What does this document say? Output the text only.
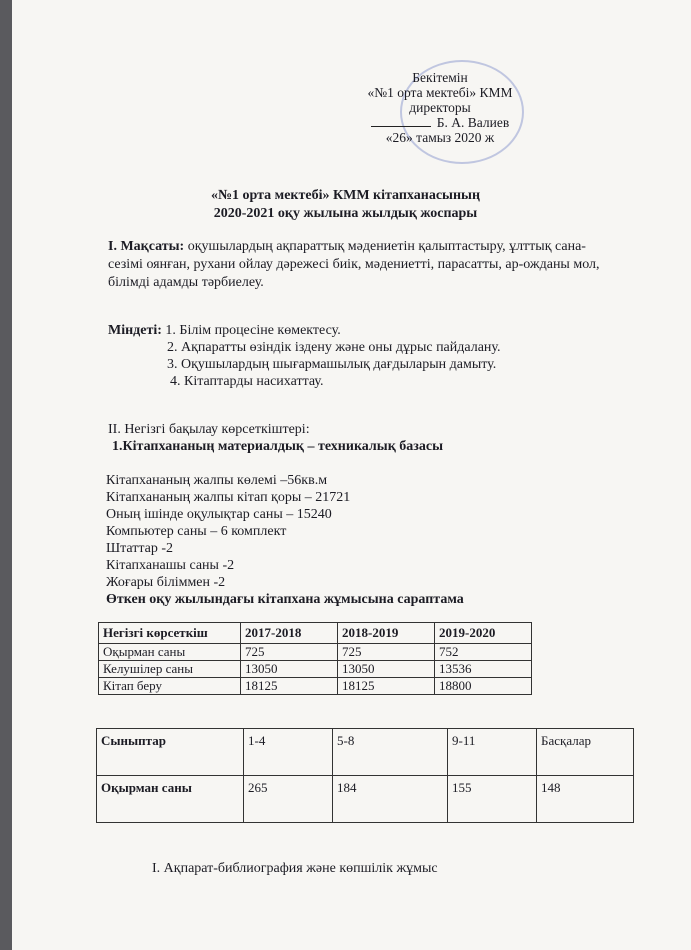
Бекітемін
«№1 орта мектебі» КММ
директоры
Б. А. Валиев
«26» тамыз 2020 ж
«№1 орта мектебі» КММ кітапханасының
2020-2021 оқу жылына жылдық жоспары
І. Мақсаты: оқушылардың ақпараттық мәдениетін қалыптастыру, ұлттық сана-
сезімі оянған, рухани ойлау дәрежесі биік, мәдениетті, парасатты, ар-ожданы мол,
білімді адамды тәрбиелеу.
Міндеті: 1. Білім процесіне көмектесу.
2. Ақпаратты өзіндік іздену және оны дұрыс пайдалану.
3. Оқушылардың шығармашылық дағдыларын дамыту.
4. Кітаптарды насихаттау.
ІІ. Негізгі бақылау көрсеткіштері:
1.Кітапхананың материалдық – техникалық базасы
Кітапхананың жалпы көлемі –56кв.м
Кітапхананың жалпы кітап қоры – 21721
Оның ішінде оқулықтар саны – 15240
Компьютер саны – 6 комплект
Штаттар -2
Кітапханашы саны -2
Жоғары біліммен -2
Өткен оқу жылындағы кітапхана жұмысына сараптама
Негізгі көрсеткіш	2017-2018	2018-2019	2019-2020
Оқырман саны	725	725	752
Келушілер саны	13050	13050	13536
Кітап беру	18125	18125	18800
Сыныптар	1-4	5-8	9-11	Басқалар
Оқырман саны	265	184	155	148
І. Ақпарат-библиография және көпшілік жұмыс
